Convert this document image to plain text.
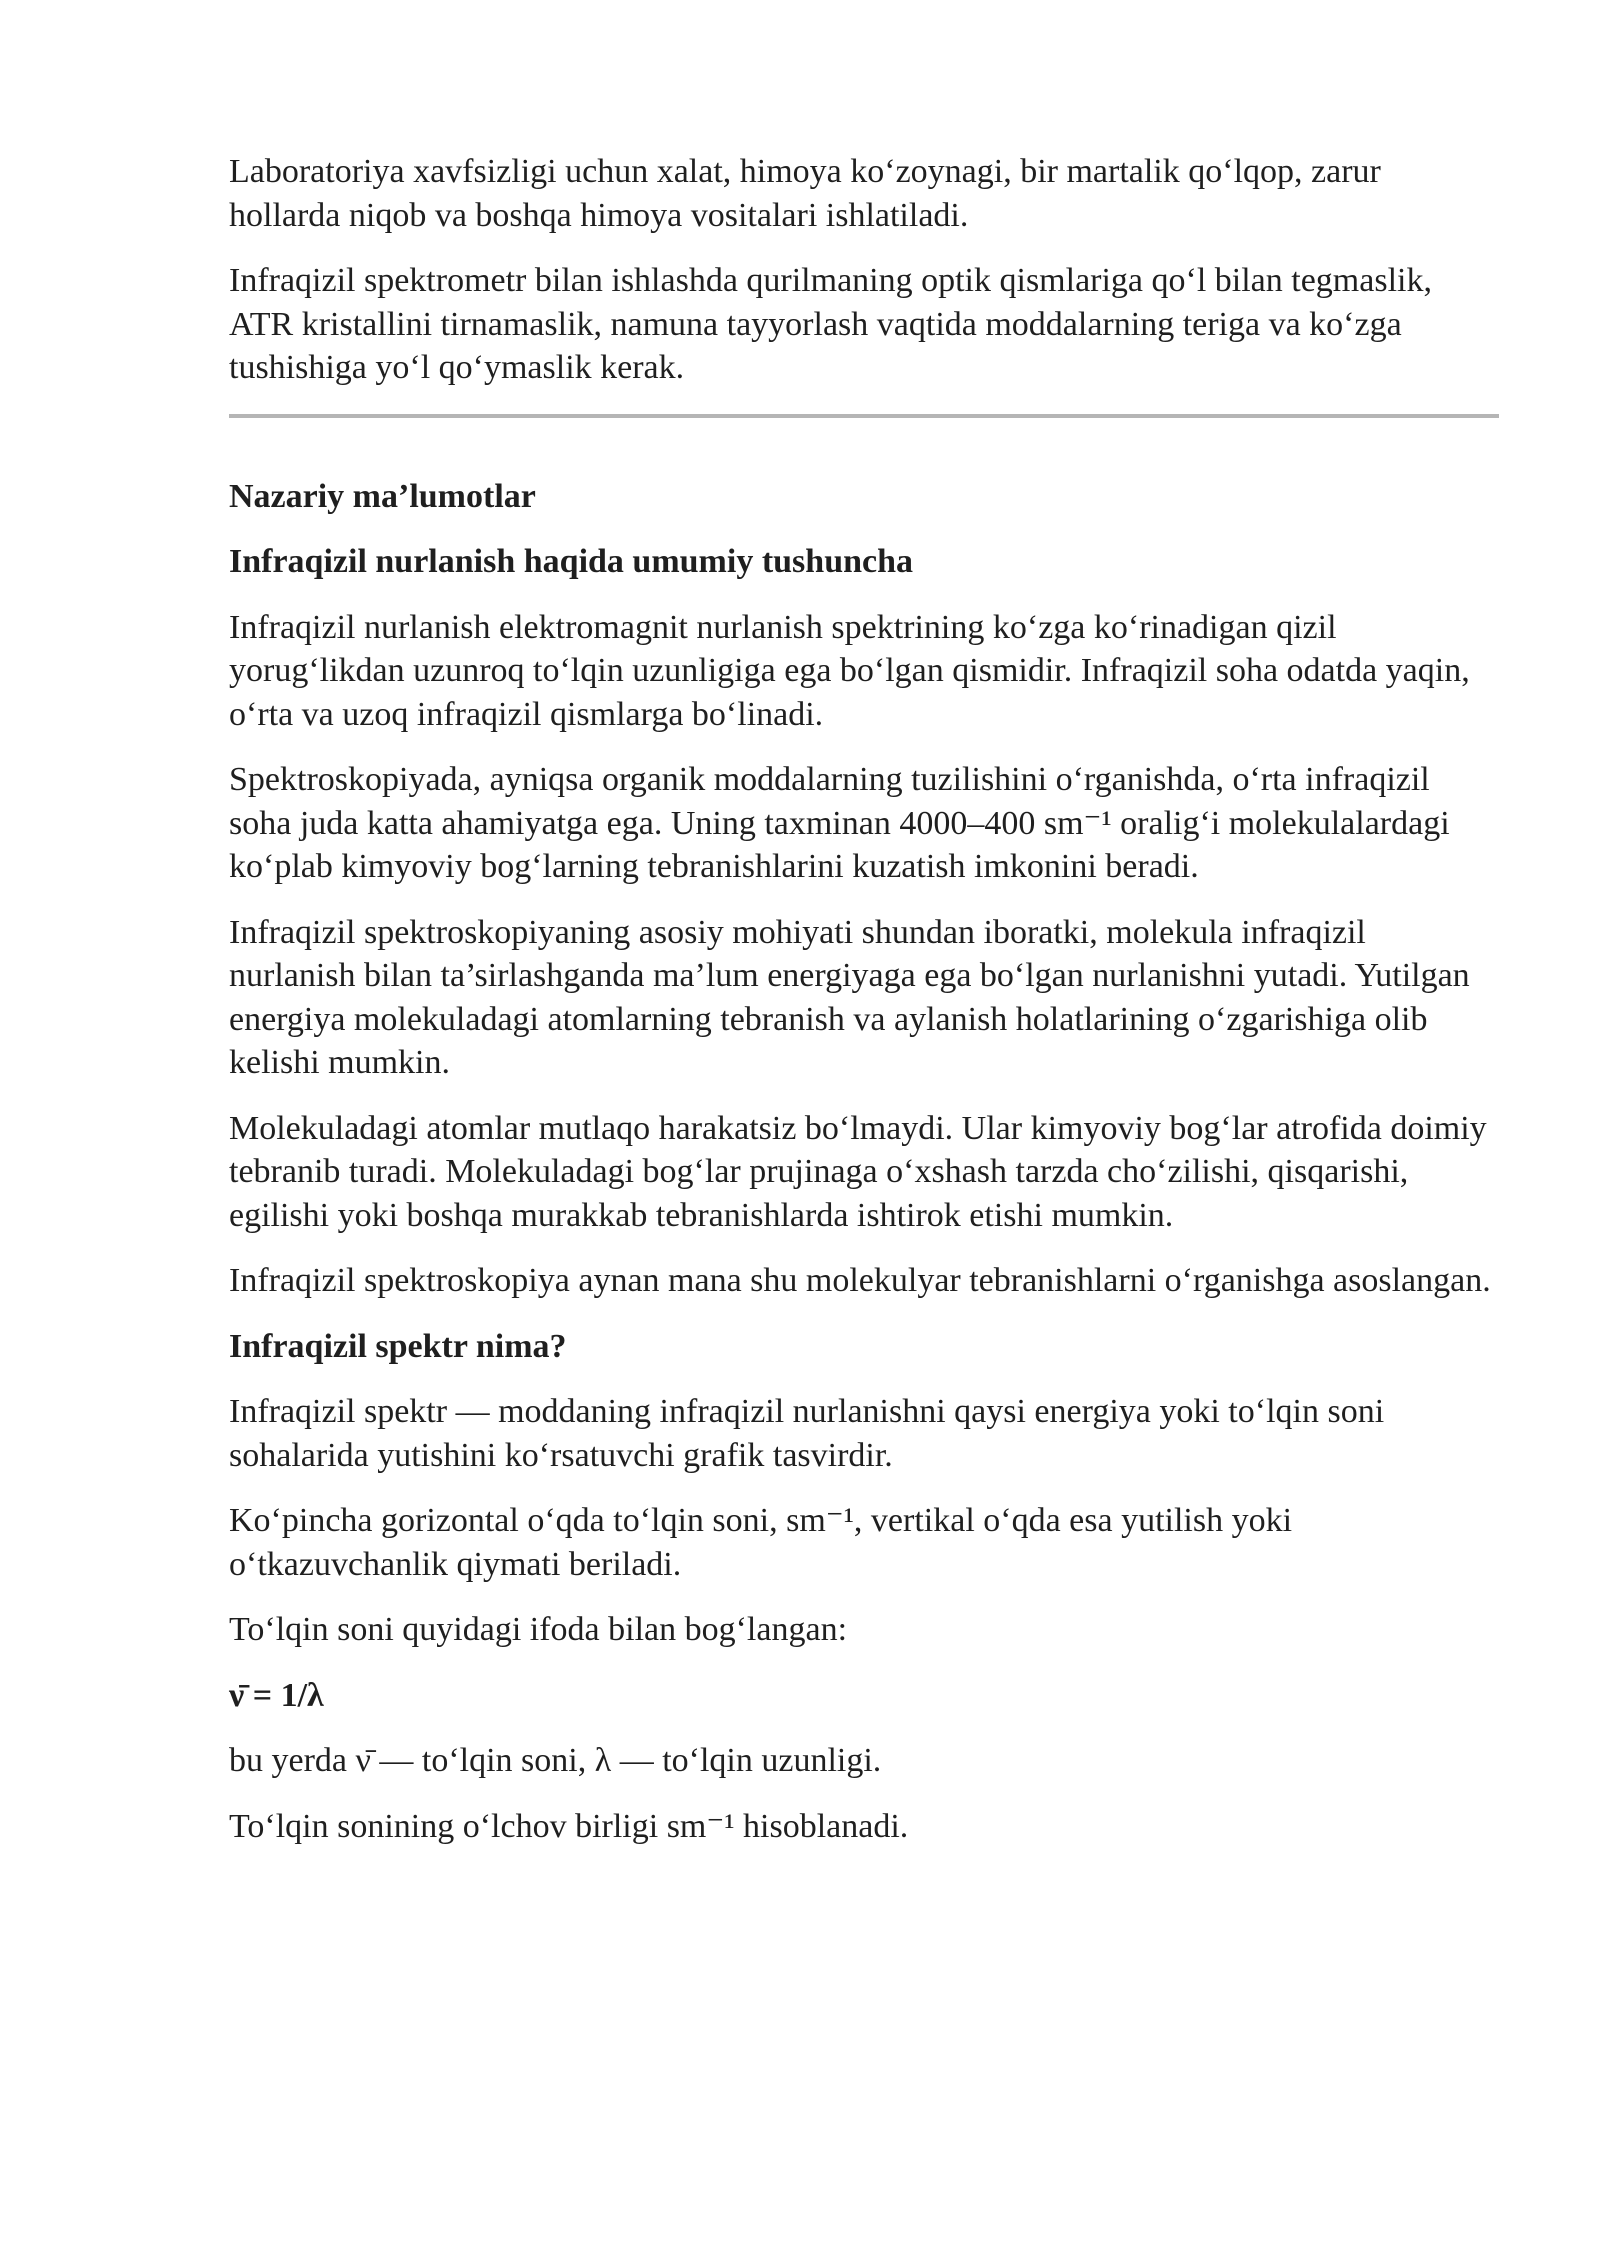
Laboratoriya xavfsizligi uchun xalat, himoya ko‘zoynagi, bir martalik qo‘lqop, zarur hollarda niqob va boshqa himoya vositalari ishlatiladi.

Infraqizil spektrometr bilan ishlashda qurilmaning optik qismlariga qo‘l bilan tegmaslik, ATR kristallini tirnamaslik, namuna tayyorlash vaqtida moddalarning teriga va ko‘zga tushishiga yo‘l qo‘ymaslik kerak.

Nazariy ma’lumotlar
Infraqizil nurlanish haqida umumiy tushuncha

Infraqizil nurlanish elektromagnit nurlanish spektrining ko‘zga ko‘rinadigan qizil yorug‘likdan uzunroq to‘lqin uzunligiga ega bo‘lgan qismidir. Infraqizil soha odatda yaqin, o‘rta va uzoq infraqizil qismlarga bo‘linadi.

Spektroskopiyada, ayniqsa organik moddalarning tuzilishini o‘rganishda, o‘rta infraqizil soha juda katta ahamiyatga ega. Uning taxminan 4000–400 sm⁻¹ oralig‘i molekulalardagi ko‘plab kimyoviy bog‘larning tebranishlarini kuzatish imkonini beradi.

Infraqizil spektroskopiyaning asosiy mohiyati shundan iboratki, molekula infraqizil nurlanish bilan ta’sirlashganda ma’lum energiyaga ega bo‘lgan nurlanishni yutadi. Yutilgan energiya molekuladagi atomlarning tebranish va aylanish holatlarining o‘zgarishiga olib kelishi mumkin.

Molekuladagi atomlar mutlaqo harakatsiz bo‘lmaydi. Ular kimyoviy bog‘lar atrofida doimiy tebranib turadi. Molekuladagi bog‘lar prujinaga o‘xshash tarzda cho‘zilishi, qisqarishi, egilishi yoki boshqa murakkab tebranishlarda ishtirok etishi mumkin.

Infraqizil spektroskopiya aynan mana shu molekulyar tebranishlarni o‘rganishga asoslangan.

Infraqizil spektr nima?

Infraqizil spektr — moddaning infraqizil nurlanishni qaysi energiya yoki to‘lqin soni sohalarida yutishini ko‘rsatuvchi grafik tasvirdir.

Ko‘pincha gorizontal o‘qda to‘lqin soni, sm⁻¹, vertikal o‘qda esa yutilish yoki o‘tkazuvchanlik qiymati beriladi.

To‘lqin soni quyidagi ifoda bilan bog‘langan:

ν̄ = 1/λ

bu yerda ν̄ — to‘lqin soni, λ — to‘lqin uzunligi.

To‘lqin sonining o‘lchov birligi sm⁻¹ hisoblanadi.
